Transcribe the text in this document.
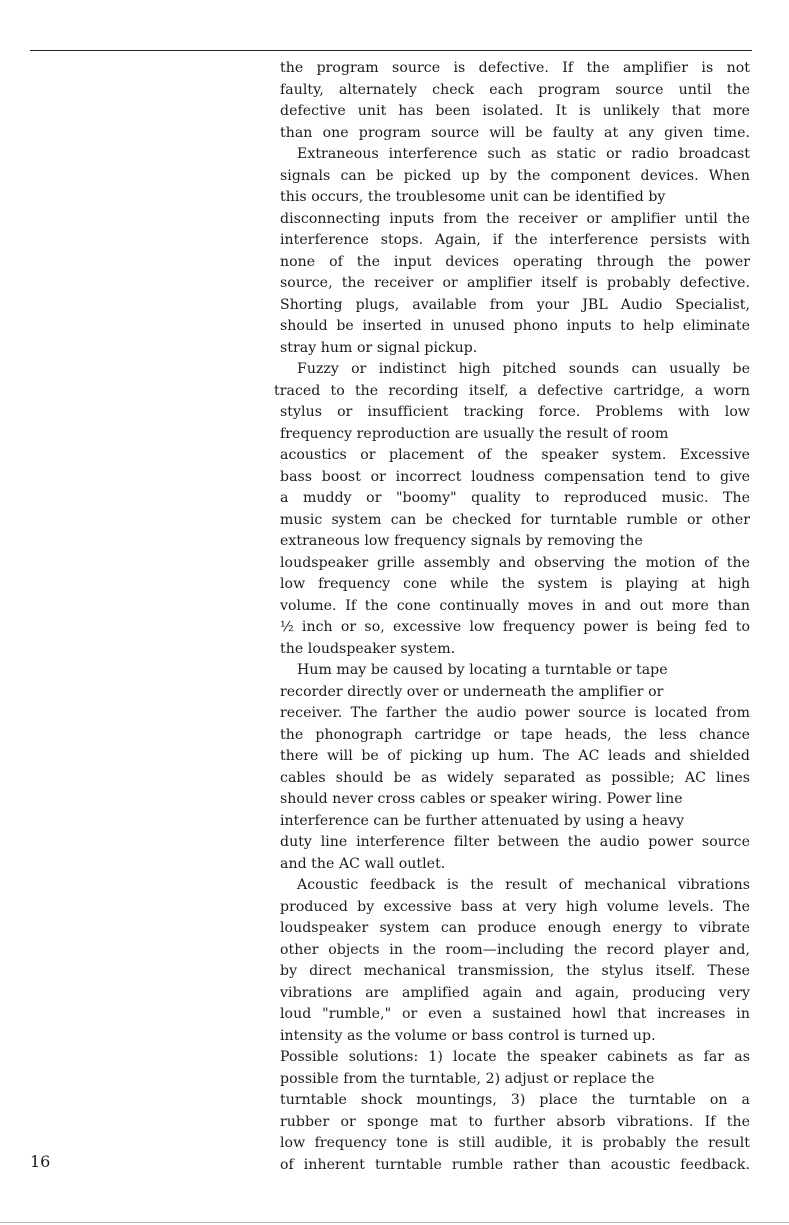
the program source is defective. If the amplifier is not
faulty, alternately check each program source until the
defective unit has been isolated. It is unlikely that more
than one program source will be faulty at any given time.
Extraneous interference such as static or radio broadcast
signals can be picked up by the component devices. When
this occurs, the troublesome unit can be identified by
disconnecting inputs from the receiver or amplifier until the
interference stops. Again, if the interference persists with
none of the input devices operating through the power
source, the receiver or amplifier itself is probably defective.
Shorting plugs, available from your JBL Audio Specialist,
should be inserted in unused phono inputs to help eliminate
stray hum or signal pickup.
Fuzzy or indistinct high pitched sounds can usually be
traced to the recording itself, a defective cartridge, a worn
stylus or insufficient tracking force. Problems with low
frequency reproduction are usually the result of room
acoustics or placement of the speaker system. Excessive
bass boost or incorrect loudness compensation tend to give
a muddy or "boomy" quality to reproduced music. The
music system can be checked for turntable rumble or other
extraneous low frequency signals by removing the
loudspeaker grille assembly and observing the motion of the
low frequency cone while the system is playing at high
volume. If the cone continually moves in and out more than
½ inch or so, excessive low frequency power is being fed to
the loudspeaker system.
Hum may be caused by locating a turntable or tape
recorder directly over or underneath the amplifier or
receiver. The farther the audio power source is located from
the phonograph cartridge or tape heads, the less chance
there will be of picking up hum. The AC leads and shielded
cables should be as widely separated as possible; AC lines
should never cross cables or speaker wiring. Power line
interference can be further attenuated by using a heavy
duty line interference filter between the audio power source
and the AC wall outlet.
Acoustic feedback is the result of mechanical vibrations
produced by excessive bass at very high volume levels. The
loudspeaker system can produce enough energy to vibrate
other objects in the room—including the record player and,
by direct mechanical transmission, the stylus itself. These
vibrations are amplified again and again, producing very
loud "rumble," or even a sustained howl that increases in
intensity as the volume or bass control is turned up.
Possible solutions: 1) locate the speaker cabinets as far as
possible from the turntable, 2) adjust or replace the
turntable shock mountings, 3) place the turntable on a
rubber or sponge mat to further absorb vibrations. If the
low frequency tone is still audible, it is probably the result
of inherent turntable rumble rather than acoustic feedback.
16
